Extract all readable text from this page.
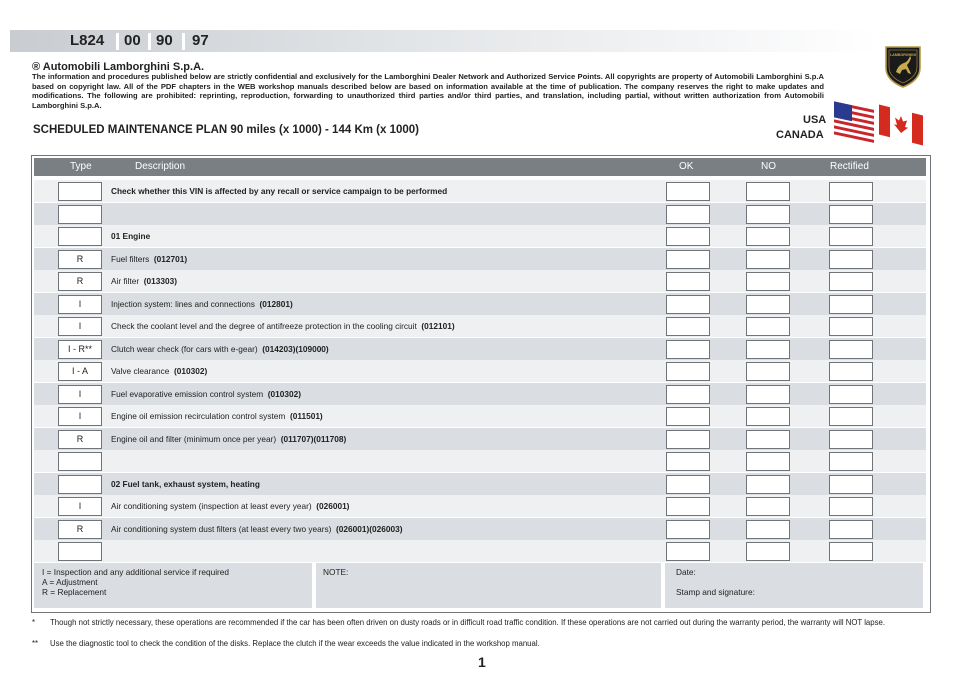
L824 00 90 97
LAMBORGHINI
® Automobili Lamborghini S.p.A.
The information and procedures published below are strictly confidential and exclusively for the Lamborghini Dealer Network and Authorized Service Points. All copyrights are property of Automobili Lamborghini S.p.A based on copyright law. All of the PDF chapters in the WEB workshop manuals described below are based on information available at the time of publication. The company reserves the right to make updates and modifications. The following are prohibited: reprinting, reproduction, forwarding to unauthorized third parties and/or third parties, and translation, including partial, without written authorization from Automobili Lamborghini S.p.A.
SCHEDULED MAINTENANCE PLAN 90 miles (x 1000) - 144 Km (x 1000)
USA
CANADA
Type	Description	OK	NO	Rectified
Check whether this VIN is affected by any recall or service campaign to be performed
01 Engine
R	Fuel filters (012701)
R	Air filter (013303)
I	Injection system: lines and connections (012801)
I	Check the coolant level and the degree of antifreeze protection in the cooling circuit (012101)
I - R**	Clutch wear check (for cars with e-gear) (014203)(109000)
I - A	Valve clearance (010302)
I	Fuel evaporative emission control system (010302)
I	Engine oil emission recirculation control system (011501)
R	Engine oil and filter (minimum once per year) (011707)(011708)
02 Fuel tank, exhaust system, heating
I	Air conditioning system (inspection at least every year) (026001)
R	Air conditioning system dust filters (at least every two years) (026001)(026003)
I = Inspection and any additional service if required
A = Adjustment
R = Replacement
NOTE:	Date:
Stamp and signature:
* Though not strictly necessary, these operations are recommended if the car has been often driven on dusty roads or in difficult road traffic condition. If these operations are not carried out during the warranty period, the warranty will NOT lapse.
** Use the diagnostic tool to check the condition of the disks. Replace the clutch if the wear exceeds the value indicated in the workshop manual.
1
